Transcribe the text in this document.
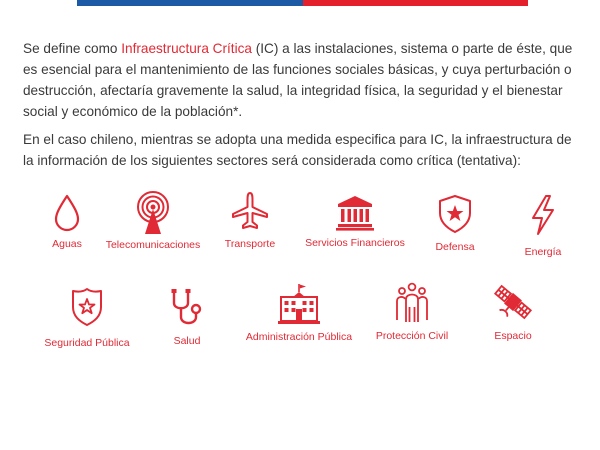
Se define como Infraestructura Crítica (IC) a las instalaciones, sistema o parte de éste, que es esencial para el mantenimiento de las funciones sociales básicas, y cuya perturbación o destrucción, afectaría gravemente la salud, la integridad física, la seguridad y el bienestar social y económico de la población*.

En el caso chileno, mientras se adopta una medida especifica para IC, la infraestructura de la información de los siguientes sectores será considerada como crítica (tentativa):

Aguas Telecomunicaciones Transporte	Servicios Financieros	Defensa	Energía
Seguridad Pública	Salud	Administración Pública Protección Civil	Espacio
